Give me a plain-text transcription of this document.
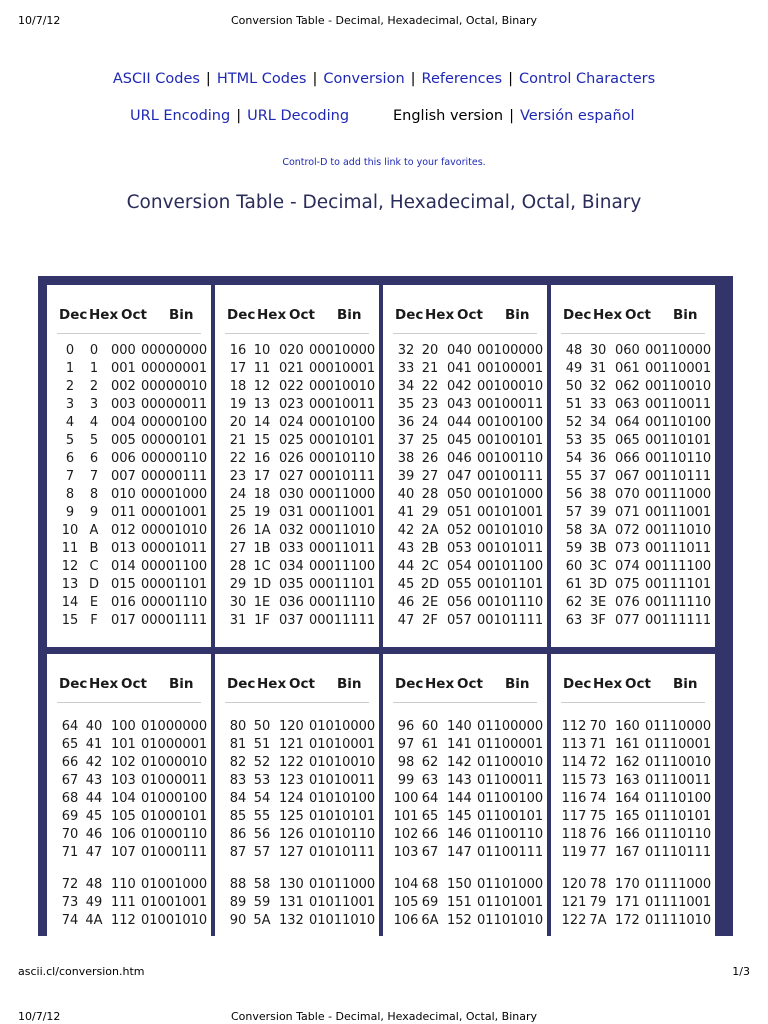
10/7/12	Conversion Table - Decimal, Hexadecimal, Octal, Binary
ASCII Codes | HTML Codes | Conversion | References | Control Characters
URL Encoding | URL Decoding	English version | Versión español
Control-D to add this link to your favorites.
Conversion Table - Decimal, Hexadecimal, Octal, Binary
Dec Hex Oct Bin
0	0 000 00000000
1	1 001 00000001
2	2 002 00000010
3	3 003 00000011
4	4 004 00000100
5	5 005 00000101
6	6 006 00000110
7	7 007 00000111
8	8 010 00001000
9	9 011 00001001
10 A 012 00001010
11 B 013 00001011
12 C 014 00001100
13 D 015 00001101
14 E 016 00001110
15 F	017 00001111
Dec Hex Oct Bin
16 10 020 00010000
17 11 021 00010001
18 12 022 00010010
19 13 023 00010011
20 14 024 00010100
21 15 025 00010101
22 16 026 00010110
23 17 027 00010111
24 18 030 00011000
25 19 031 00011001
26 1A 032 00011010
27 1B 033 00011011
28 1C 034 00011100
29 1D 035 00011101
30 1E 036 00011110
31 1F 037 00011111
Dec Hex Oct Bin
32 20 040 00100000
33 21 041 00100001
34 22 042 00100010
35 23 043 00100011
36 24 044 00100100
37 25 045 00100101
38 26 046 00100110
39 27 047 00100111
40 28 050 00101000
41 29 051 00101001
42 2A 052 00101010
43 2B 053 00101011
44 2C 054 00101100
45 2D 055 00101101
46 2E 056 00101110
47 2F 057 00101111
Dec Hex Oct Bin
48 30 060 00110000
49 31 061 00110001
50 32 062 00110010
51 33 063 00110011
52 34 064 00110100
53 35 065 00110101
54 36 066 00110110
55 37 067 00110111
56 38 070 00111000
57 39 071 00111001
58 3A 072 00111010
59 3B 073 00111011
60 3C 074 00111100
61 3D 075 00111101
62 3E 076 00111110
63 3F 077 00111111
Dec Hex Oct Bin
64 40 100 01000000
65 41 101 01000001
66 42 102 01000010
67 43 103 01000011
68 44 104 01000100
69 45 105 01000101
70 46 106 01000110
71 47 107 01000111
72 48 110 01001000
73 49 111 01001001
74 4A 112 01001010
Dec Hex Oct Bin
80 50 120 01010000
81 51 121 01010001
82 52 122 01010010
83 53 123 01010011
84 54 124 01010100
85 55 125 01010101
86 56 126 01010110
87 57 127 01010111
88 58 130 01011000
89 59 131 01011001
90 5A 132 01011010
Dec Hex Oct Bin
96 60 140 01100000
97 61 141 01100001
98 62 142 01100010
99 63 143 01100011
100 64 144 01100100
101 65 145 01100101
102 66 146 01100110
103 67 147 01100111
104 68 150 01101000
105 69 151 01101001
106 6A 152 01101010
Dec Hex Oct Bin
112 70 160 01110000
113 71 161 01110001
114 72 162 01110010
115 73 163 01110011
116 74 164 01110100
117 75 165 01110101
118 76 166 01110110
119 77 167 01110111
120 78 170 01111000
121 79 171 01111001
122 7A 172 01111010
ascii.cl/conversion.htm	1/3
10/7/12	Conversion Table - Decimal, Hexadecimal, Octal, Binary
